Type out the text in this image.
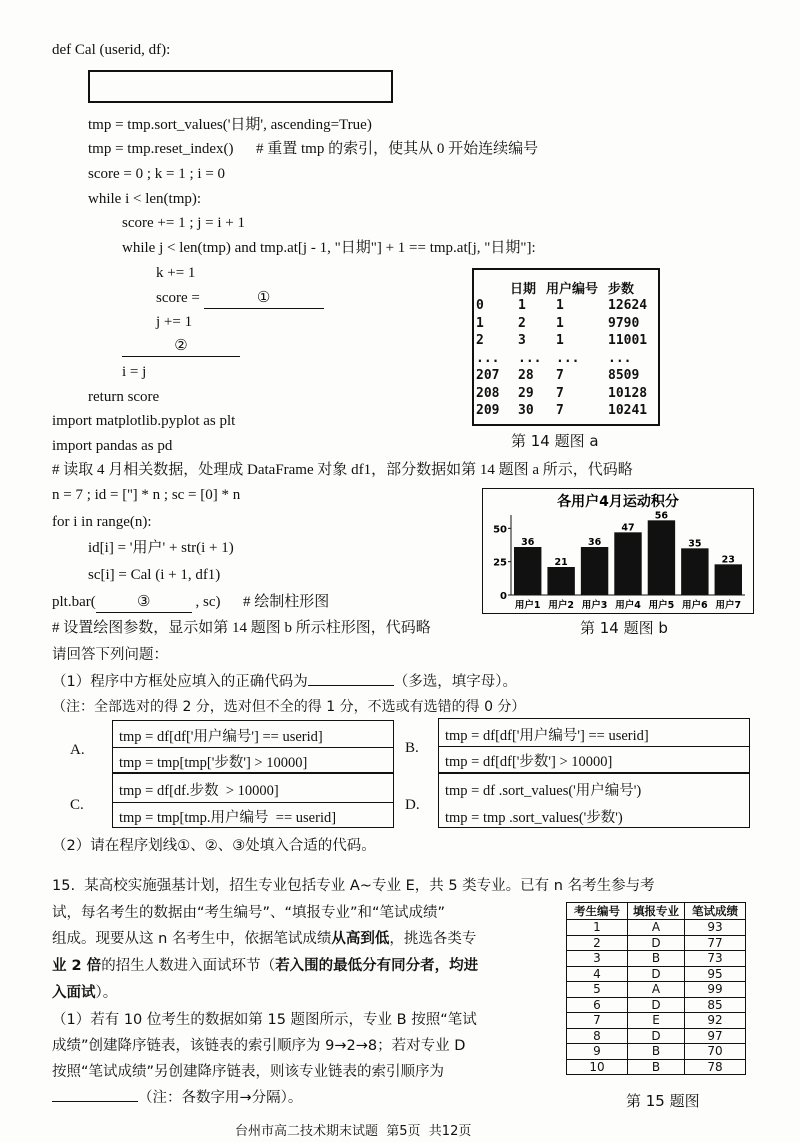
def Cal (userid, df):
tmp = tmp.sort_values('日期', ascending=True)
tmp = tmp.reset_index()      # 重置 tmp 的索引，使其从 0 开始连续编号
score = 0 ; k = 1 ; i = 0
while i < len(tmp):
score += 1 ; j = i + 1
while j < len(tmp) and tmp.at[j - 1, "日期"] + 1 == tmp.at[j, "日期"]:
k += 1
score =	①
j += 1
②
i = j
return score
import matplotlib.pyplot as plt
import pandas as pd
# 读取 4 月相关数据，处理成 DataFrame 对象 df1，部分数据如第 14 题图 a 所示，代码略
n = 7 ; id = [''] * n ; sc = [0] * n
for i in range(n):
id[i] = '用户' + str(i + 1)
sc[i] = Cal (i + 1, df1)
plt.bar(	③	, sc)      # 绘制柱形图
# 设置绘图参数，显示如第 14 题图 b 所示柱形图，代码略
日期 用户编号 步数
0	1 1	12624
1	2 1	9790
2	3 1	11001
... ... ... ...
207 28 7	8509
208 29 7	10128
209 30 7	10241
第 14 题图 a
各用户4月运动积分
0
25
50
36
用户1
21
用户2
36
用户3
47
用户4
56
用户5
35
用户6
23
用户7
第 14 题图 b
请回答下列问题：
（1）程序中方框处应填入的正确代码为	（多选，填字母）。
（注：全部选对的得 2 分，选对但不全的得 1 分，不选或有选错的得 0 分）
A.
tmp = df[df['用户编号'] == userid]
tmp = tmp[tmp['步数'] > 10000]
B.
tmp = df[df['用户编号'] == userid]
tmp = df[df['步数'] > 10000]
C.
tmp = df[df.步数  > 10000]
tmp = tmp[tmp.用户编号  == userid]
D.
tmp = df .sort_values('用户编号')
tmp = tmp .sort_values('步数')
（2）请在程序划线①、②、③处填入合适的代码。
15.  某高校实施强基计划，招生专业包括专业 A~专业 E，共 5 类专业。已有 n 名考生参与考
试，每名考生的数据由“考生编号”、“填报专业”和“笔试成绩”
组成。现要从这 n 名考生中，依据笔试成绩从高到低，挑选各类专
业 2 倍的招生人数进入面试环节（若入围的最低分有同分者，均进
入面试）。
（1）若有 10 位考生的数据如第 15 题图所示，专业 B 按照“笔试
成绩”创建降序链表，该链表的索引顺序为 9→2→8；若对专业 D
按照“笔试成绩”另创建降序链表，则该专业链表的索引顺序为
（注：各数字用→分隔）。
考生编号	填报专业	笔试成绩
1	A	93
2	D	77
3	B	73
4	D	95
5	A	99
6	D	85
7	E	92
8	D	97
9	B	70
10	B	78
第 15 题图
台州市高二技术期末试题  第5页  共12页
